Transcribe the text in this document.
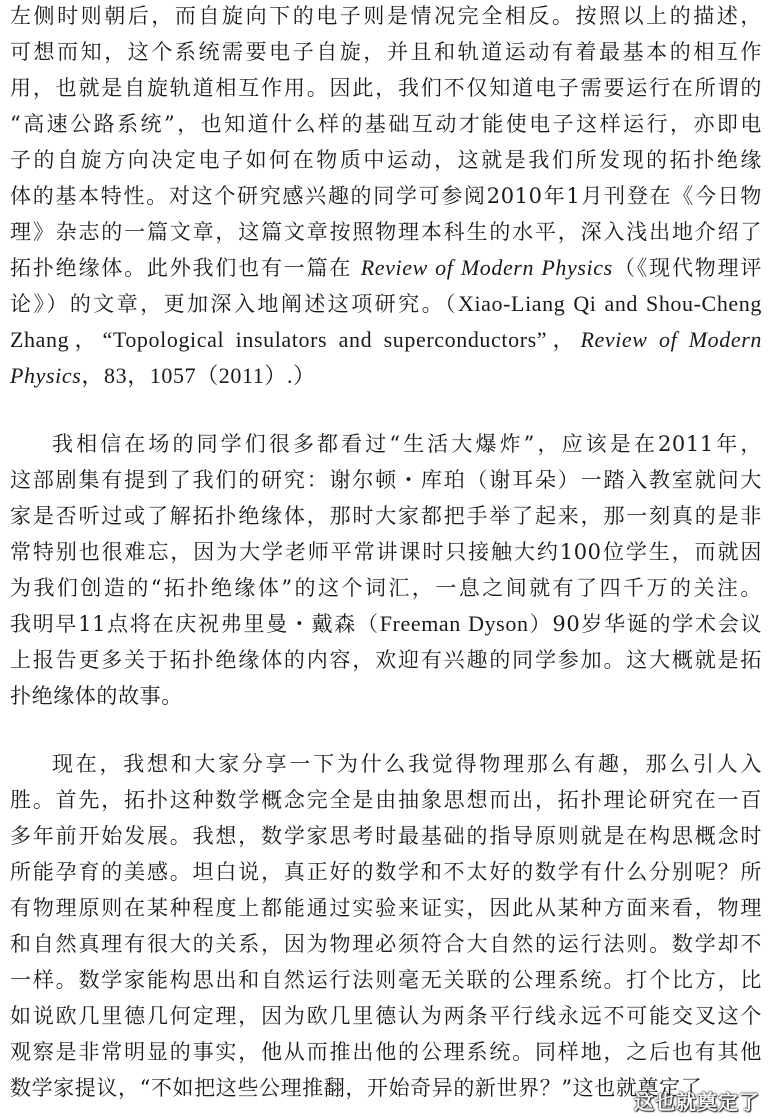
左侧时则朝后，而自旋向下的电子则是情况完全相反。按照以上的描述，
可想而知，这个系统需要电子自旋，并且和轨道运动有着最基本的相互作
用，也就是自旋轨道相互作用。因此，我们不仅知道电子需要运行在所谓的
“高速公路系统”，也知道什么样的基础互动才能使电子这样运行，亦即电
子的自旋方向决定电子如何在物质中运动，这就是我们所发现的拓扑绝缘
体的基本特性。对这个研究感兴趣的同学可参阅2010年1月刊登在《今日物
理》杂志的一篇文章，这篇文章按照物理本科生的水平，深入浅出地介绍了
拓扑绝缘体。此外我们也有一篇在 Review of Modern Physics（《现代物理评
论》）的文章，更加深入地阐述这项研究。（Xiao-Liang Qi and Shou-Cheng
Zhang，“Topological insulators and superconductors”，Review of Modern
Physics，83，1057（2011）.）
我相信在场的同学们很多都看过“生活大爆炸”，应该是在2011年，
这部剧集有提到了我们的研究：谢尔顿・库珀（谢耳朵）一踏入教室就问大
家是否听过或了解拓扑绝缘体，那时大家都把手举了起来，那一刻真的是非
常特别也很难忘，因为大学老师平常讲课时只接触大约100位学生，而就因
为我们创造的“拓扑绝缘体”的这个词汇，一息之间就有了四千万的关注。
我明早11点将在庆祝弗里曼・戴森（Freeman Dyson）90岁华诞的学术会议
上报告更多关于拓扑绝缘体的内容，欢迎有兴趣的同学参加。这大概就是拓
扑绝缘体的故事。
现在，我想和大家分享一下为什么我觉得物理那么有趣，那么引人入
胜。首先，拓扑这种数学概念完全是由抽象思想而出，拓扑理论研究在一百
多年前开始发展。我想，数学家思考时最基础的指导原则就是在构思概念时
所能孕育的美感。坦白说，真正好的数学和不太好的数学有什么分别呢？所
有物理原则在某种程度上都能通过实验来证实，因此从某种方面来看，物理
和自然真理有很大的关系，因为物理必须符合大自然的运行法则。数学却不
一样。数学家能构思出和自然运行法则毫无关联的公理系统。打个比方，比
如说欧几里德几何定理，因为欧几里德认为两条平行线永远不可能交叉这个
观察是非常明显的事实，他从而推出他的公理系统。同样地，之后也有其他
数学家提议，“不如把这些公理推翻，开始奇异的新世界？”这也就奠定了
这也就奠定了
